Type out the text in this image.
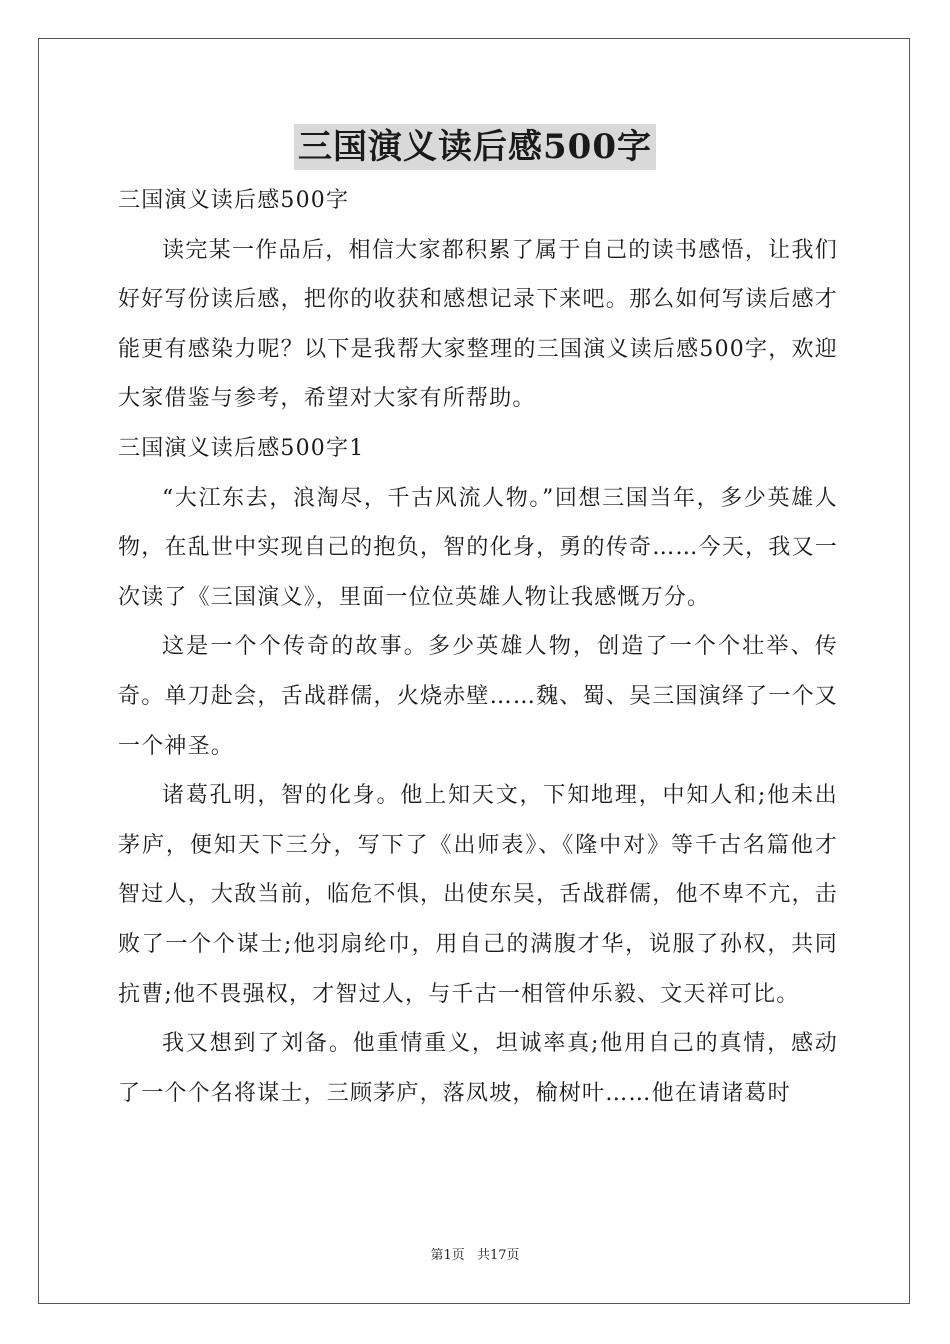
三国演义读后感500字

三国演义读后感500字

读完某一作品后，相信大家都积累了属于自己的读书感悟，让我们好好写份读后感，把你的收获和感想记录下来吧。那么如何写读后感才能更有感染力呢？以下是我帮大家整理的三国演义读后感500字，欢迎大家借鉴与参考，希望对大家有所帮助。

三国演义读后感500字1

“大江东去，浪淘尽，千古风流人物。”回想三国当年，多少英雄人物，在乱世中实现自己的抱负，智的化身，勇的传奇……今天，我又一次读了《三国演义》，里面一位位英雄人物让我感慨万分。

这是一个个传奇的故事。多少英雄人物，创造了一个个壮举、传奇。单刀赴会，舌战群儒，火烧赤壁……魏、蜀、吴三国演绎了一个又一个神圣。

诸葛孔明，智的化身。他上知天文，下知地理，中知人和;他未出茅庐，便知天下三分，写下了《出师表》、《隆中对》等千古名篇他才智过人，大敌当前，临危不惧，出使东吴，舌战群儒，他不卑不亢，击败了一个个谋士;他羽扇纶巾，用自己的满腹才华，说服了孙权，共同抗曹;他不畏强权，才智过人，与千古一相管仲乐毅、文天祥可比。

我又想到了刘备。他重情重义，坦诚率真;他用自己的真情，感动了一个个名将谋士，三顾茅庐，落凤坡，榆树叶……他在请诸葛时

第1页 共17页
